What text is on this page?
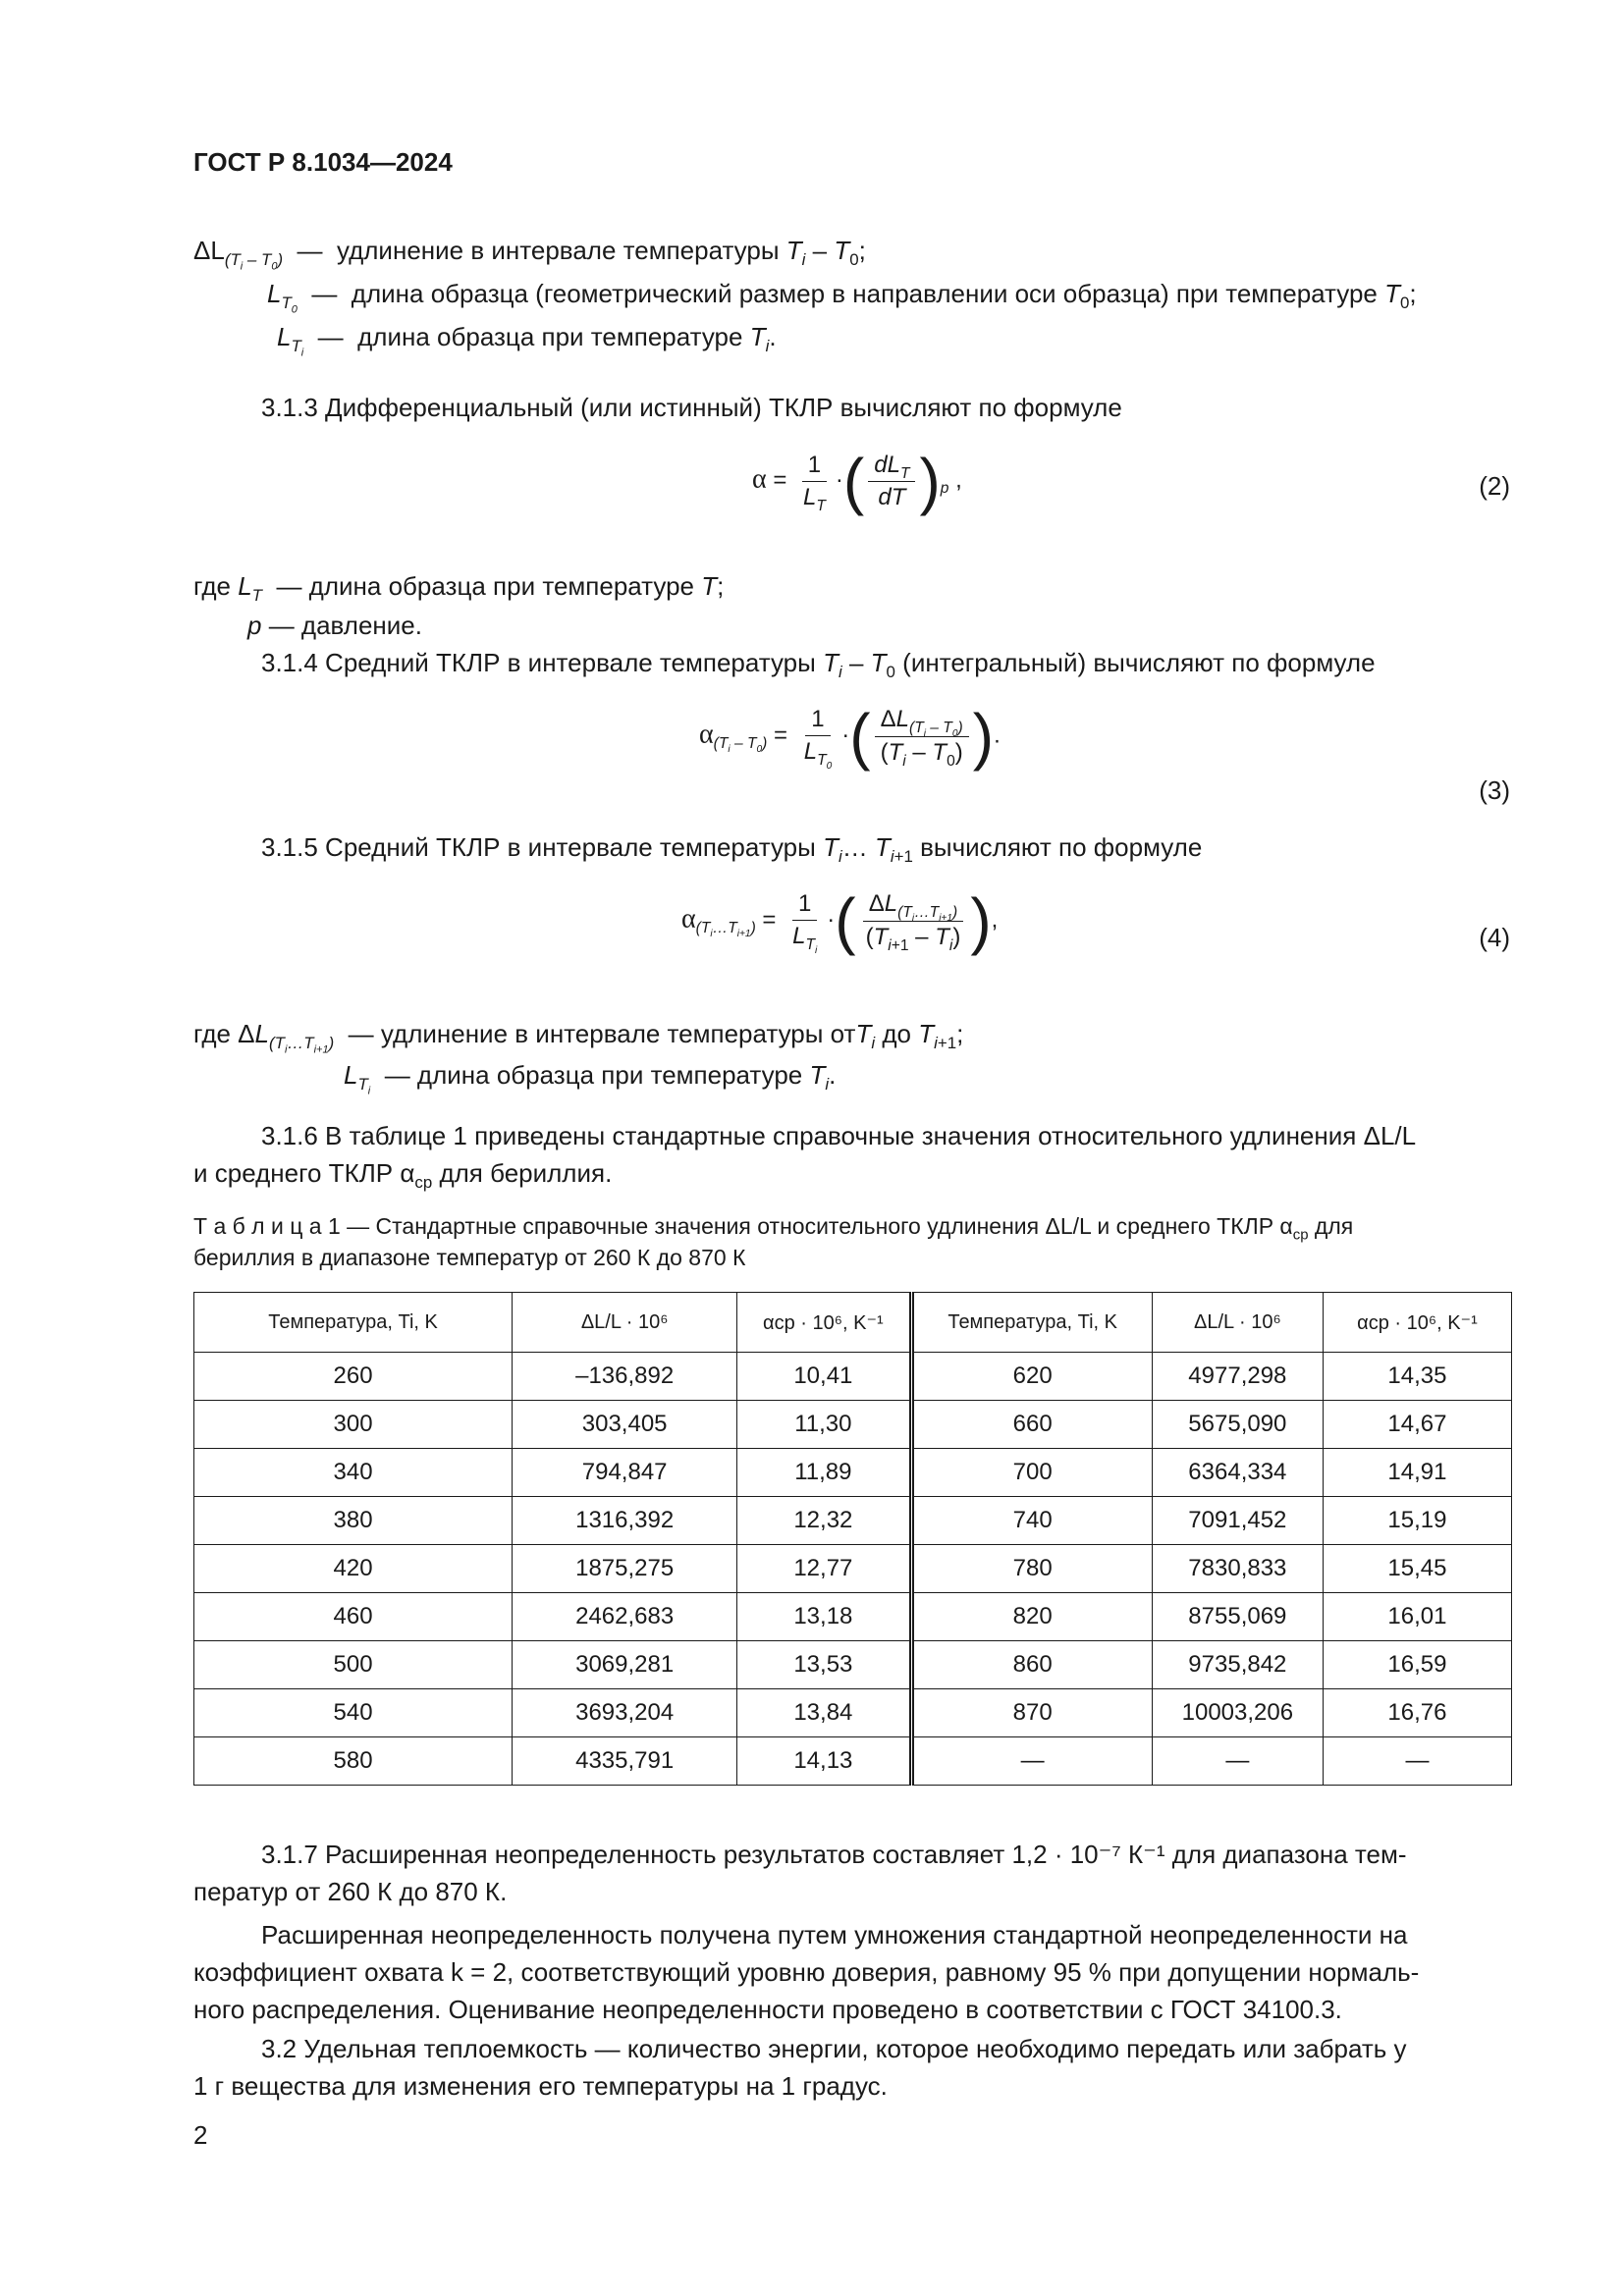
ГОСТ Р 8.1034—2024
$\Delta L_{(T_i - T_0)}$  —  удлинение в интервале температуры $T_i - T_0$;
$L_{T_0}$  —  длина образца (геометрический размер в направлении оси образца) при температуре $T_0$;
$L_{T_i}$  —  длина образца при температуре $T_i$.
3.1.3 Дифференциальный (или истинный) ТКЛР вычисляют по формуле
$\alpha = \frac{1}{L_T}$ ·( $\frac{dL_T}{dT} )_p$ ,	(2)
где $L_T$ — длина образца при температуре T;
p — давление.
3.1.4 Средний ТКЛР в интервале температуры $T_i - T_0$ (интегральный) вычисляют по формуле
$\alpha_{(T_i - T_0)} = \frac{1}{L_{T_0}}$ ·( $\frac{\Delta L_{(T_i - T_0)}}{(T_i - T_0)}$ ).
(3)
3.1.5 Средний ТКЛР в интервале температуры $T_i\dots$ $T_{i+1}$ вычисляют по формуле
$\alpha_{(T_i\dots T_{i+1})} = \frac{1}{L_{T_i}}$ ·( $\frac{\Delta L_{(T_i\dots T_{i+1})}}{(T_{i+1} - T_i)}$ ),
(4)
где $\Delta L_{(T_i\dots T_{i+1})}$ — удлинение в интервале температуры отT$_i$ до $T_{i+1}$;
$L_{T_i}$  — длина образца при температуре $T_i$.
3.1.6 В таблице 1 приведены стандартные справочные значения относительного удлинения ΔL/L
и среднего ТКЛР $\alpha_{ср}$ для бериллия.
Т а б л и ц а 1 — Стандартные справочные значения относительного удлинения ΔL/L и среднего ТКЛР $\alpha_{ср}$ для
бериллия в диапазоне температур от 260 К до 870 К
Температура, Ti, K	ΔL/L · 10⁶	αср · 10⁶, K⁻¹	Температура, Ti, K	ΔL/L · 10⁶	αср · 10⁶, K⁻¹
260	–136,892	10,41	620	4977,298	14,35
300	303,405	11,30	660	5675,090	14,67
340	794,847	11,89	700	6364,334	14,91
380	1316,392	12,32	740	7091,452	15,19
420	1875,275	12,77	780	7830,833	15,45
460	2462,683	13,18	820	8755,069	16,01
500	3069,281	13,53	860	9735,842	16,59
540	3693,204	13,84	870	10003,206	16,76
580	4335,791	14,13	—	—	—
3.1.7 Расширенная неопределенность результатов составляет 1,2 · 10⁻⁷ К⁻¹ для диапазона тем-
ператур от 260 К до 870 К.
Расширенная неопределенность получена путем умножения стандартной неопределенности на
коэффициент охвата k = 2, соответствующий уровню доверия, равному 95 % при допущении нормаль-
ного распределения. Оценивание неопределенности проведено в соответствии с ГОСТ 34100.3.
3.2 Удельная теплоемкость — количество энергии, которое необходимо передать или забрать у
1 г вещества для изменения его температуры на 1 градус.
2
